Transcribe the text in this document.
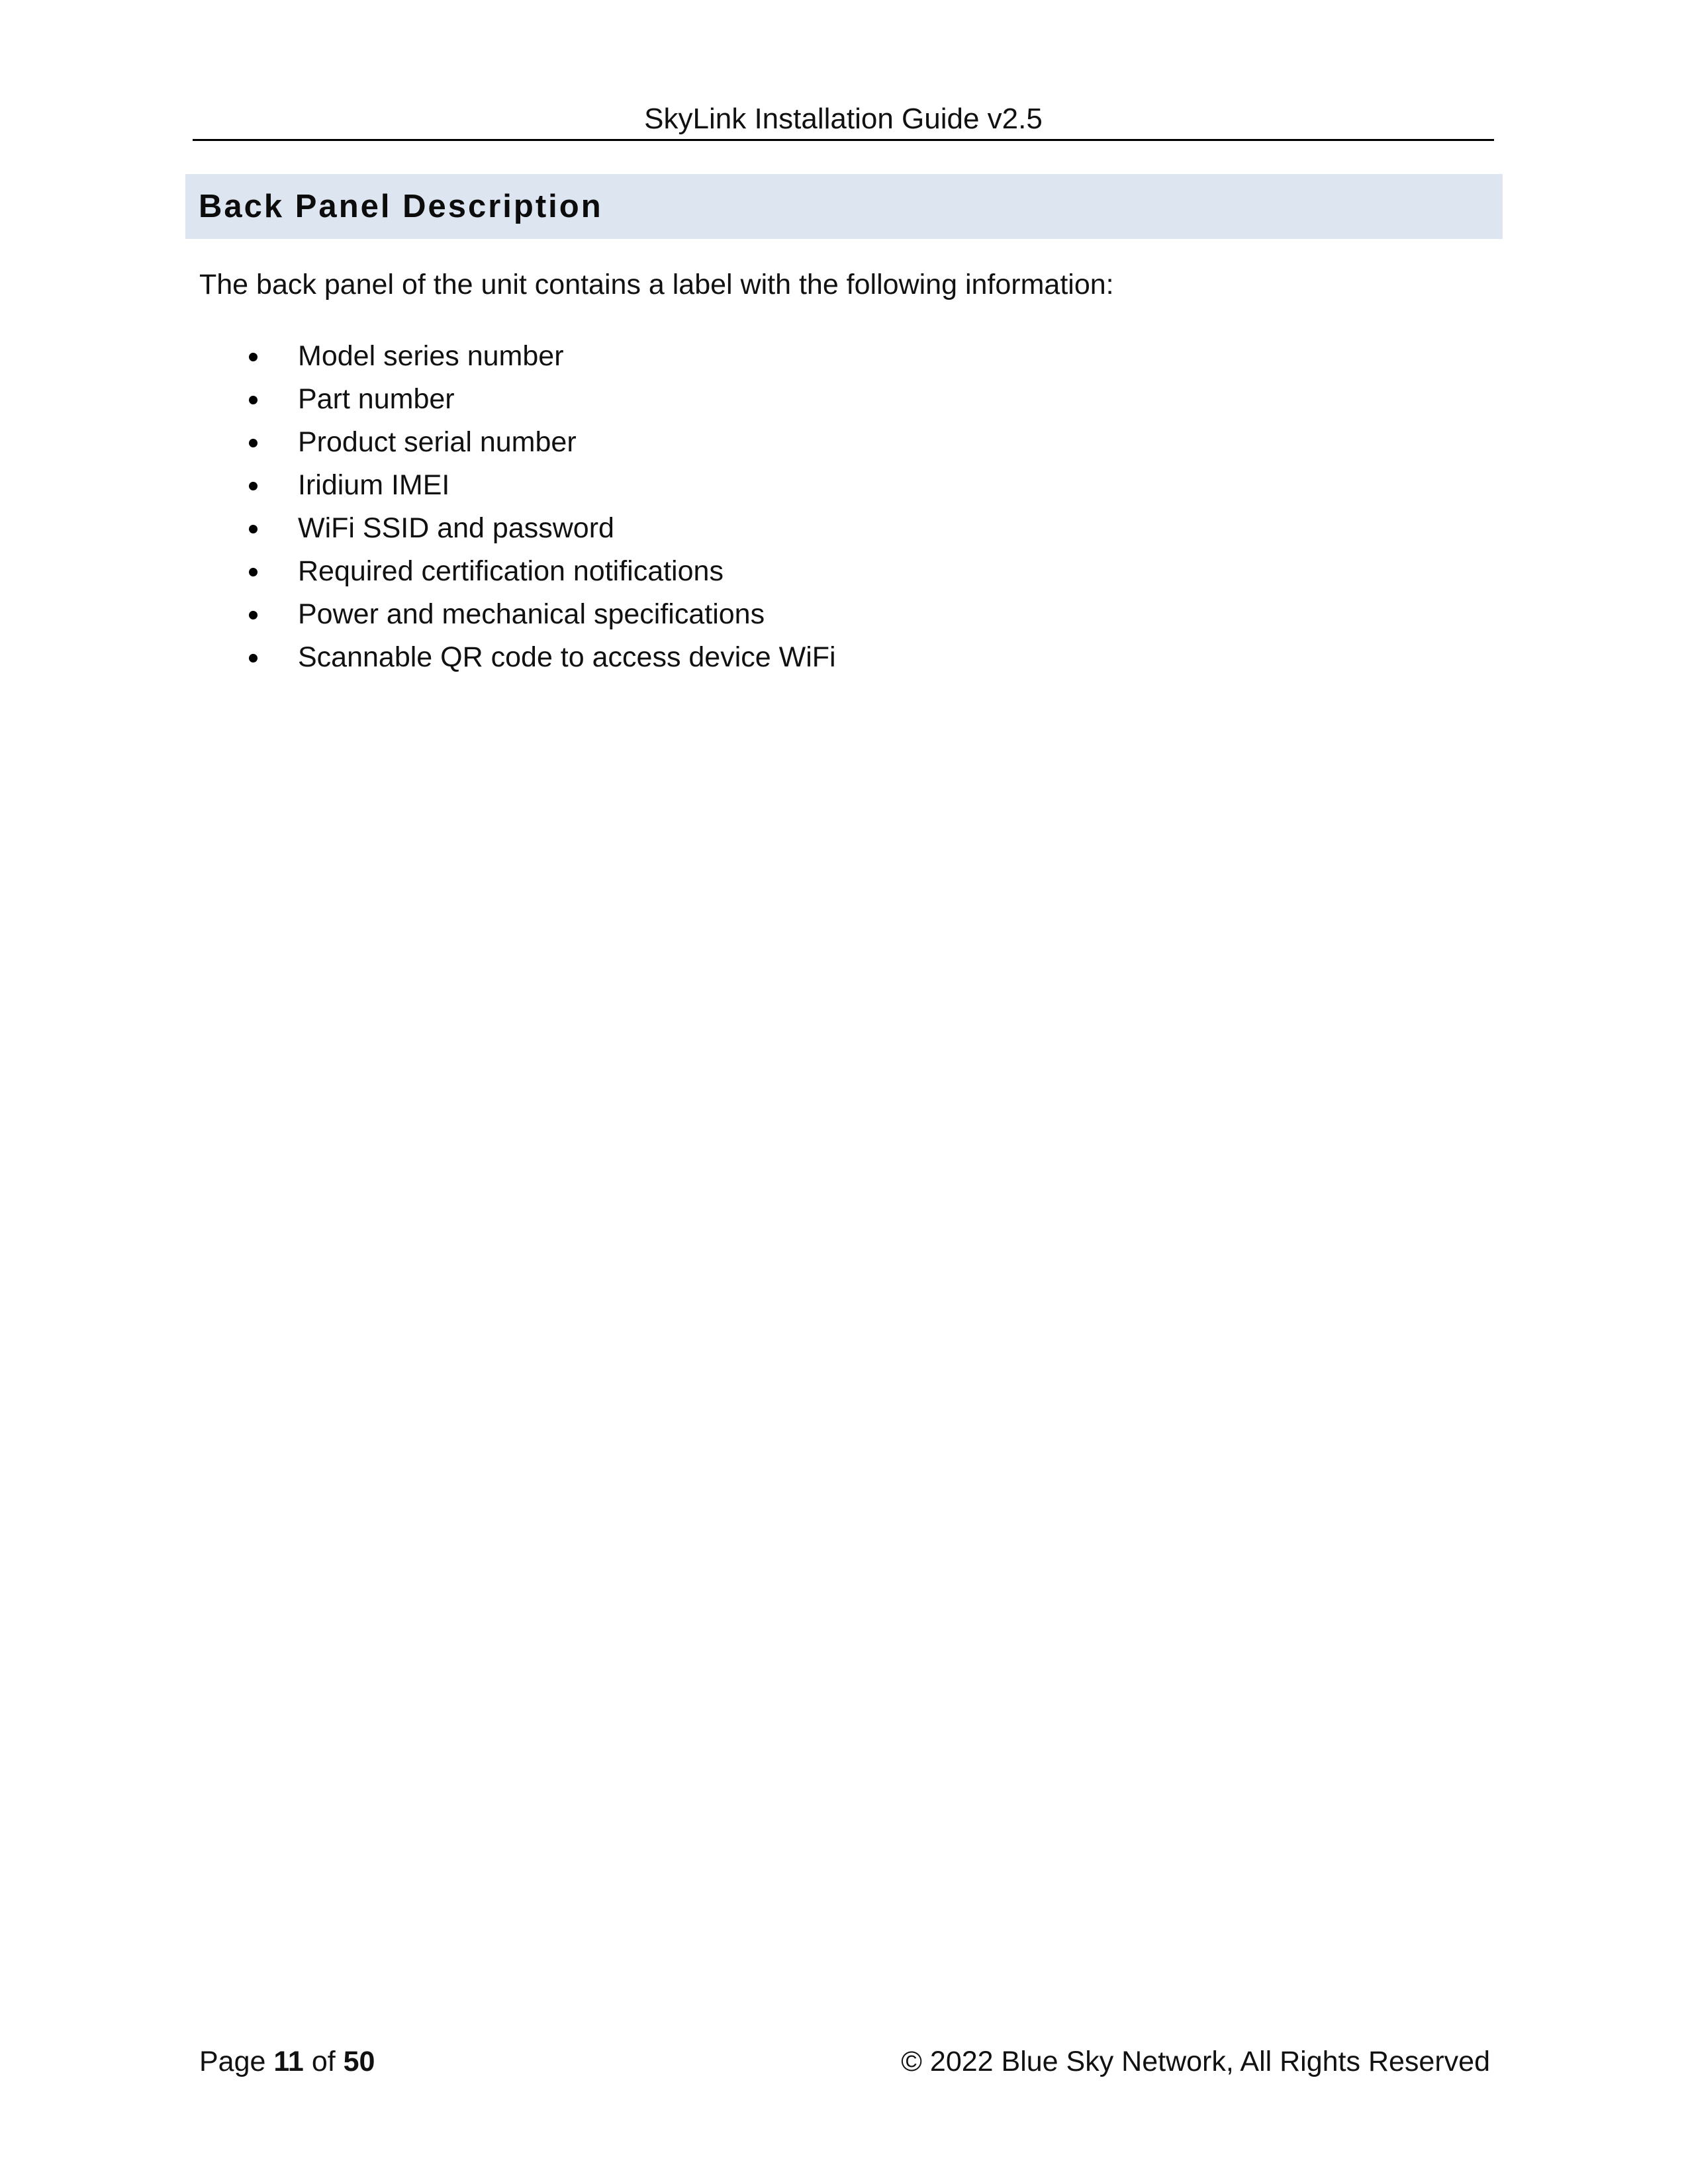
SkyLink Installation Guide v2.5
Back Panel Description

The back panel of the unit contains a label with the following information:

Model series number
Part number
Product serial number
Iridium IMEI
WiFi SSID and password
Required certification notifications
Power and mechanical specifications
Scannable QR code to access device WiFi
Page 11 of 50	© 2022 Blue Sky Network, All Rights Reserved
